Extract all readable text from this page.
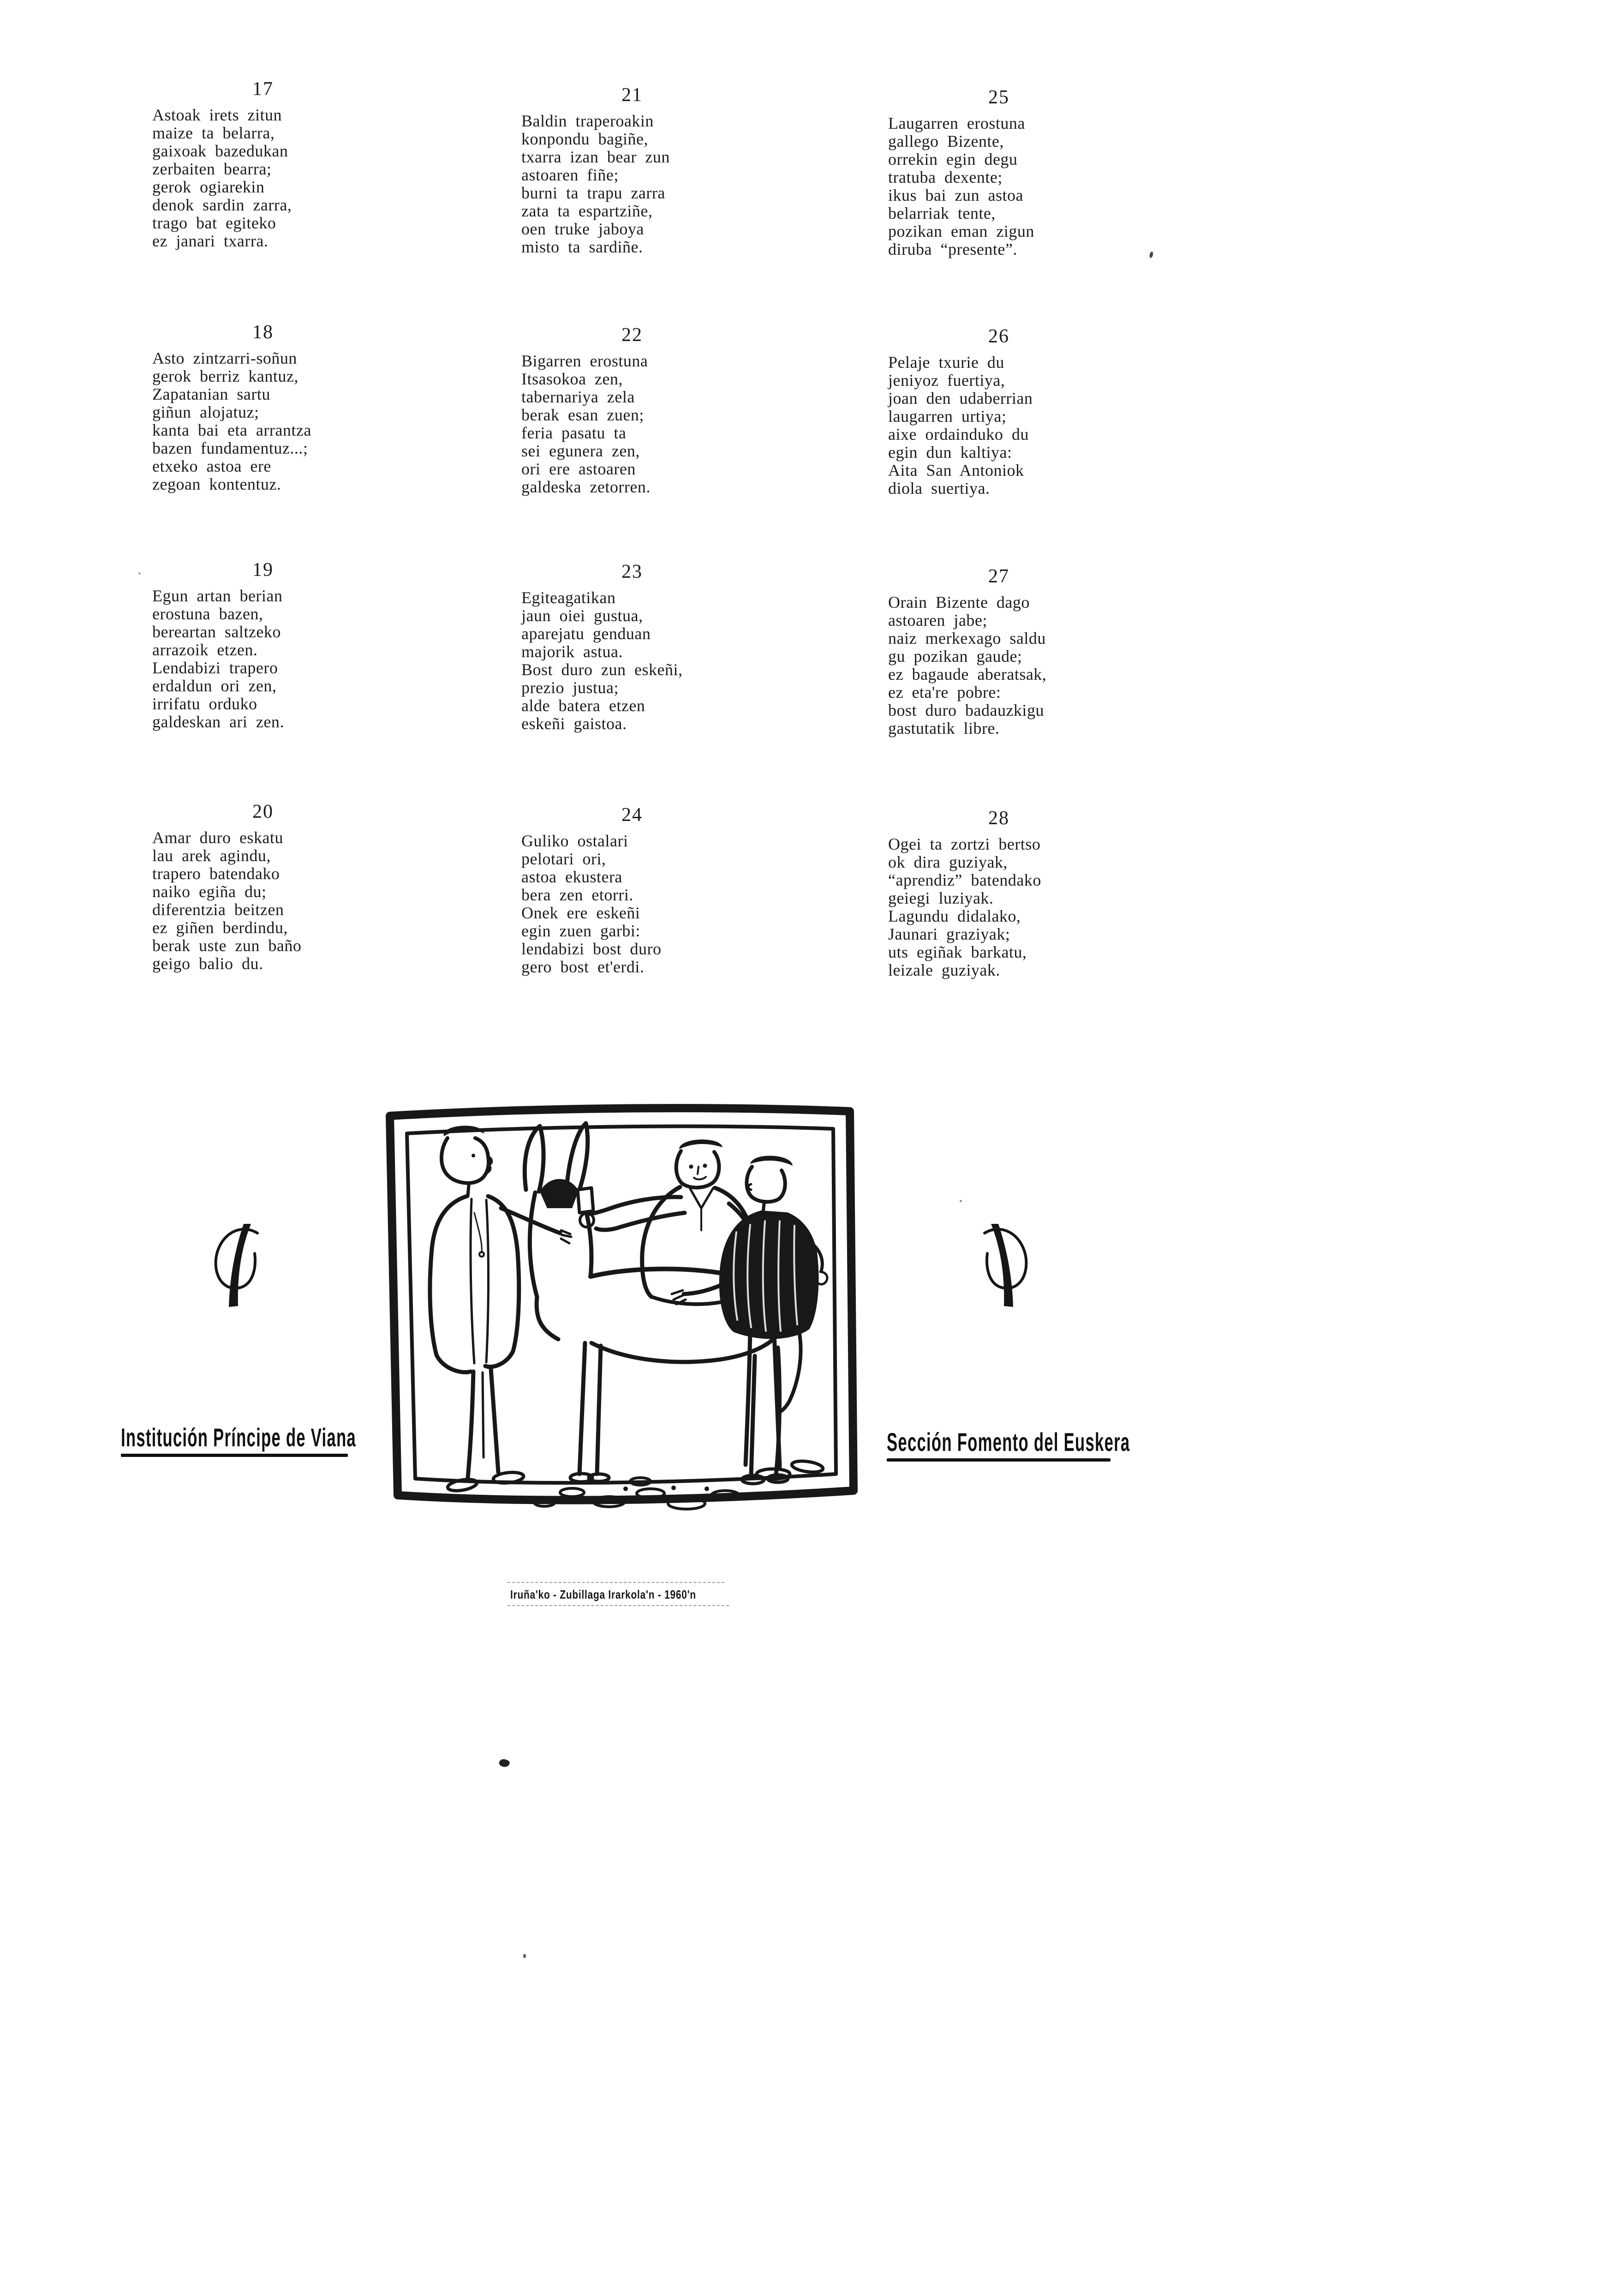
17
Astoak irets zitun
maize ta belarra,
gaixoak bazedukan
zerbaiten bearra;
gerok ogiarekin
denok sardin zarra,
trago bat egiteko
ez janari txarra.
18
Asto zintzarri-soñun
gerok berriz kantuz,
Zapatanian sartu
giñun alojatuz;
kanta bai eta arrantza
bazen fundamentuz...;
etxeko astoa ere
zegoan kontentuz.
19
Egun artan berian
erostuna bazen,
bereartan saltzeko
arrazoik etzen.
Lendabizi trapero
erdaldun ori zen,
irrifatu orduko
galdeskan ari zen.
20
Amar duro eskatu
lau arek agindu,
trapero batendako
naiko egiña du;
diferentzia beitzen
ez giñen berdindu,
berak uste zun baño
geigo balio du.
21
Baldin traperoakin
konpondu bagiñe,
txarra izan bear zun
astoaren fiñe;
burni ta trapu zarra
zata ta espartziñe,
oen truke jaboya
misto ta sardiñe.
22
Bigarren erostuna
Itsasokoa zen,
tabernariya zela
berak esan zuen;
feria pasatu ta
sei egunera zen,
ori ere astoaren
galdeska zetorren.
23
Egiteagatikan
jaun oiei gustua,
aparejatu genduan
majorik astua.
Bost duro zun eskeñi,
prezio justua;
alde batera etzen
eskeñi gaistoa.
24
Guliko ostalari
pelotari ori,
astoa ekustera
bera zen etorri.
Onek ere eskeñi
egin zuen garbi:
lendabizi bost duro
gero bost et'erdi.
25
Laugarren erostuna
gallego Bizente,
orrekin egin degu
tratuba dexente;
ikus bai zun astoa
belarriak tente,
pozikan eman zigun
diruba “presente”.
26
Pelaje txurie du
jeniyoz fuertiya,
joan den udaberrian
laugarren urtiya;
aixe ordainduko du
egin dun kaltiya:
Aita San Antoniok
diola suertiya.
27
Orain Bizente dago
astoaren jabe;
naiz merkexago saldu
gu pozikan gaude;
ez bagaude aberatsak,
ez eta're pobre:
bost duro badauzkigu
gastutatik libre.
28
Ogei ta zortzi bertso
ok dira guziyak,
“aprendiz” batendako
geiegi luziyak.
Lagundu didalako,
Jaunari graziyak;
uts egiñak barkatu,
leizale guziyak.
Institución Príncipe de Viana	Sección Fomento del Euskera
Iruña'ko - Zubillaga Irarkola'n - 1960'n
